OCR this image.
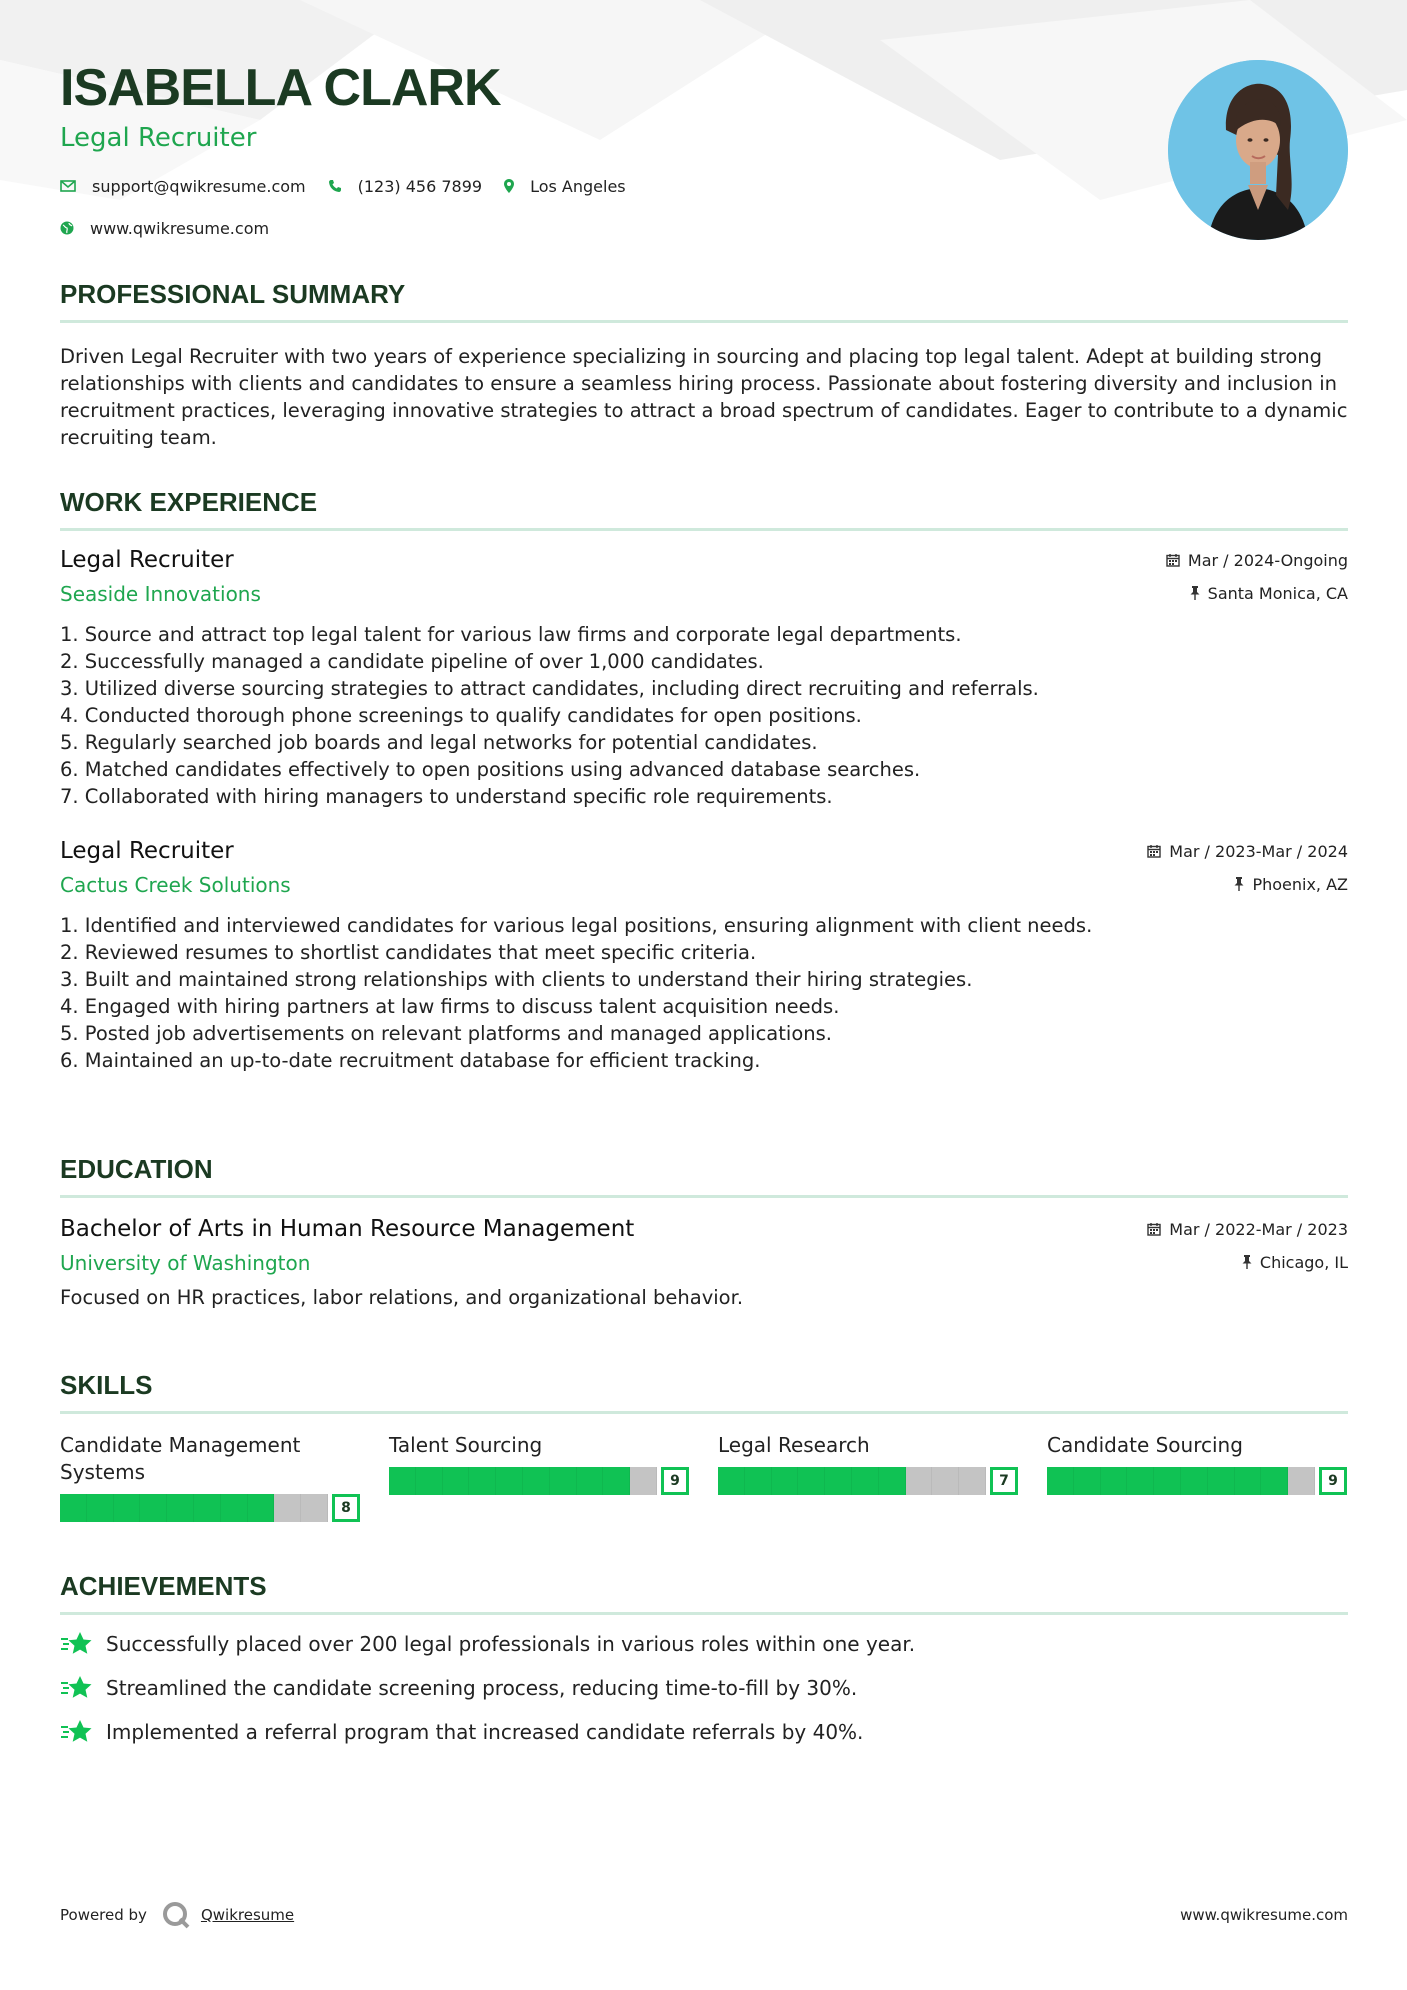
ISABELLA CLARK
Legal Recruiter
support@qwikresume.com	(123) 456 7899	Los Angeles
www.qwikresume.com
PROFESSIONAL SUMMARY
Driven Legal Recruiter with two years of experience specializing in sourcing and placing top legal talent. Adept at building strong relationships with clients and candidates to ensure a seamless hiring process. Passionate about fostering diversity and inclusion in recruitment practices, leveraging innovative strategies to attract a broad spectrum of candidates. Eager to contribute to a dynamic recruiting team.
WORK EXPERIENCE
Legal Recruiter
Seaside Innovations
Mar / 2024-Ongoing
Santa Monica, CA
1. Source and attract top legal talent for various law firms and corporate legal departments.
2. Successfully managed a candidate pipeline of over 1,000 candidates.
3. Utilized diverse sourcing strategies to attract candidates, including direct recruiting and referrals.
4. Conducted thorough phone screenings to qualify candidates for open positions.
5. Regularly searched job boards and legal networks for potential candidates.
6. Matched candidates effectively to open positions using advanced database searches.
7. Collaborated with hiring managers to understand specific role requirements.
Legal Recruiter
Cactus Creek Solutions
Mar / 2023-Mar / 2024
Phoenix, AZ
1. Identified and interviewed candidates for various legal positions, ensuring alignment with client needs.
2. Reviewed resumes to shortlist candidates that meet specific criteria.
3. Built and maintained strong relationships with clients to understand their hiring strategies.
4. Engaged with hiring partners at law firms to discuss talent acquisition needs.
5. Posted job advertisements on relevant platforms and managed applications.
6. Maintained an up-to-date recruitment database for efficient tracking.
EDUCATION
Bachelor of Arts in Human Resource Management
University of Washington
Mar / 2022-Mar / 2023
Chicago, IL
Focused on HR practices, labor relations, and organizational behavior.
SKILLS
Candidate Management Systems
8
Talent Sourcing
9
Legal Research
7
Candidate Sourcing
9
ACHIEVEMENTS
Successfully placed over 200 legal professionals in various roles within one year.
Streamlined the candidate screening process, reducing time-to-fill by 30%.
Implemented a referral program that increased candidate referrals by 40%.
Powered by	Qwikresume	www.qwikresume.com
